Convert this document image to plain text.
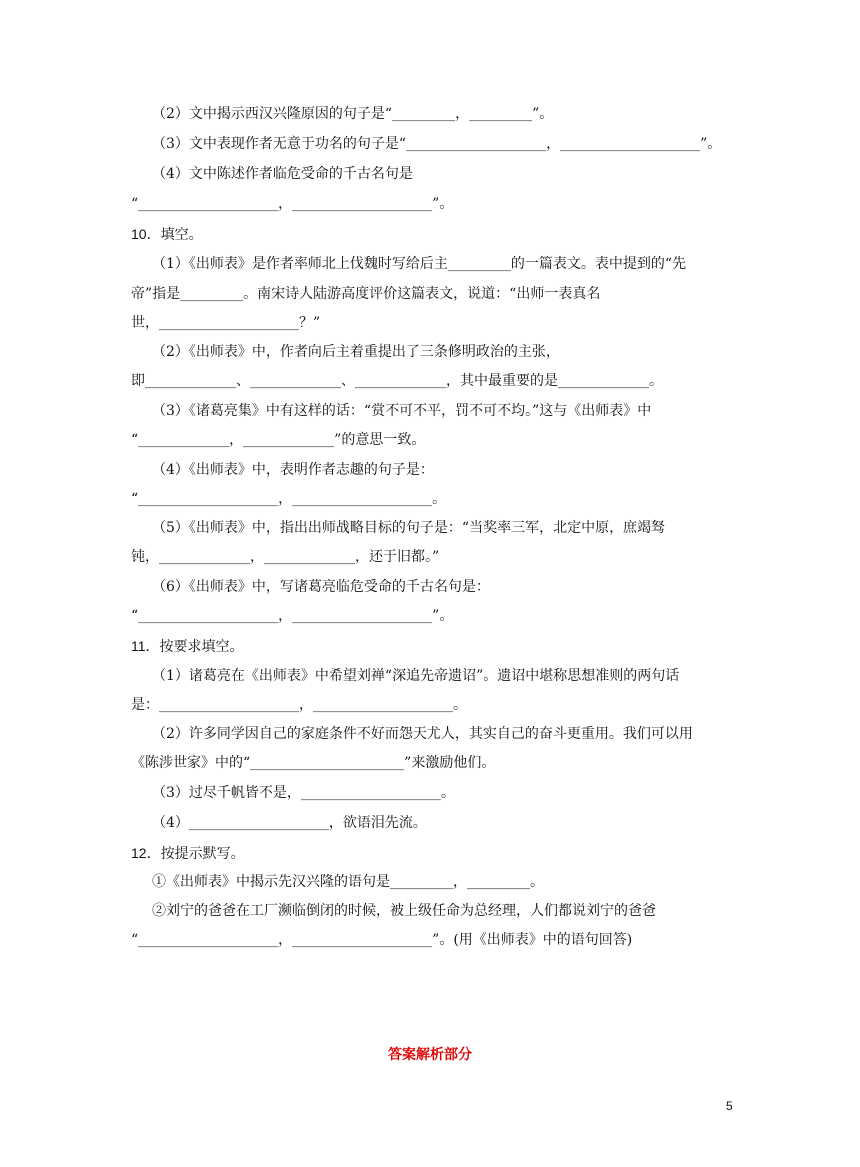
（2）文中揭示西汉兴隆原因的句子是“_________，_________”。
（3）文中表现作者无意于功名的句子是“____________________，____________________”。
（4）文中陈述作者临危受命的千古名句是
“____________________，____________________”。
10．填空。
（1）《出师表》是作者率师北上伐魏时写给后主_________的一篇表文。表中提到的“先
帝”指是_________。南宋诗人陆游高度评价这篇表文，说道：“出师一表真名
世，____________________？”
（2）《出师表》中，作者向后主着重提出了三条修明政治的主张，
即_____________、_____________、_____________，其中最重要的是_____________。
（3）《诸葛亮集》中有这样的话：“赏不可不平，罚不可不均。”这与《出师表》中
“_____________，_____________”的意思一致。
（4）《出师表》中，表明作者志趣的句子是：
“____________________，____________________。
（5）《出师表》中，指出出师战略目标的句子是：“当奖率三军，北定中原，庶竭驽
钝，_____________，_____________，还于旧都。”
（6）《出师表》中，写诸葛亮临危受命的千古名句是：
“____________________，____________________”。
11．按要求填空。
（1）诸葛亮在《出师表》中希望刘禅“深追先帝遗诏”。遗诏中堪称思想准则的两句话
是：____________________，____________________。
（2）许多同学因自己的家庭条件不好而怨天尤人，其实自己的奋斗更重用。我们可以用
《陈涉世家》中的“______________________”来激励他们。
（3）过尽千帆皆不是，____________________。
（4）____________________，欲语泪先流。
12．按提示默写。
①《出师表》中揭示先汉兴隆的语句是_________，_________。
②刘宁的爸爸在工厂濒临倒闭的时候，被上级任命为总经理，人们都说刘宁的爸爸
“____________________，____________________”。(用《出师表》中的语句回答)
答案解析部分
5
